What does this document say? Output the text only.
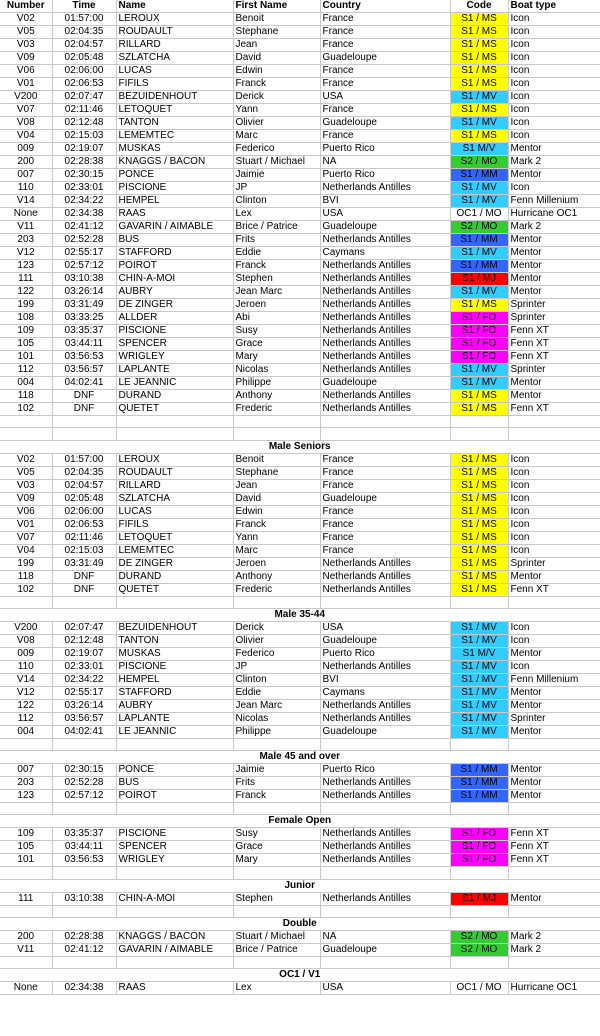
Number	Time	Name	First Name	Country	Code	Boat type
V02	01:57:00	LEROUX	Benoit	France	S1 / MS	Icon
V05	02:04:35	ROUDAULT	Stephane	France	S1 / MS	Icon
V03	02:04:57	RILLARD	Jean	France	S1 / MS	Icon
V09	02:05:48	SZLATCHA	David	Guadeloupe	S1 / MS	Icon
V06	02:06:00	LUCAS	Edwin	France	S1 / MS	Icon
V01	02:06:53	FIFILS	Franck	France	S1 / MS	Icon
V200	02:07:47	BEZUIDENHOUT	Derick	USA	S1 / MV	Icon
V07	02:11:46	LETOQUET	Yann	France	S1 / MS	Icon
V08	02:12:48	TANTON	Olivier	Guadeloupe	S1 / MV	Icon
V04	02:15:03	LEMEMTEC	Marc	France	S1 / MS	Icon
009	02:19:07	MUSKAS	Federico	Puerto Rico	S1 M/V	Mentor
200	02:28:38	KNAGGS / BACON	Stuart / Michael	NA	S2 / MO	Mark 2
007	02:30:15	PONCE	Jaimie	Puerto Rico	S1 / MM	Mentor
110	02:33:01	PISCIONE	JP	Netherlands Antilles	S1 / MV	Icon
V14	02:34:22	HEMPEL	Clinton	BVI	S1 / MV	Fenn Millenium
None	02:34:38	RAAS	Lex	USA	OC1 / MO	Hurricane OC1
V11	02:41:12	GAVARIN / AIMABLE	Brice / Patrice	Guadeloupe	S2 / MO	Mark 2
203	02:52:28	BUS	Frits	Netherlands Antilles	S1 / MM	Mentor
V12	02:55:17	STAFFORD	Eddie	Caymans	S1 / MV	Mentor
123	02:57:12	POIROT	Franck	Netherlands Antilles	S1 / MM	Mentor
111	03:10:38	CHIN-A-MOI	Stephen	Netherlands Antilles	S1 / MJ	Mentor
122	03:26:14	AUBRY	Jean Marc	Netherlands Antilles	S1 / MV	Mentor
199	03:31:49	DE ZINGER	Jeroen	Netherlands Antilles	S1 / MS	Sprinter
108	03:33:25	ALLDER	Abi	Netherlands Antilles	S1 / FO	Sprinter
109	03:35:37	PISCIONE	Susy	Netherlands Antilles	S1 / FO	Fenn XT
105	03:44:11	SPENCER	Grace	Netherlands Antilles	S1 / FO	Fenn XT
101	03:56:53	WRIGLEY	Mary	Netherlands Antilles	S1 / FO	Fenn XT
112	03:56:57	LAPLANTE	Nicolas	Netherlands Antilles	S1 / MV	Sprinter
004	04:02:41	LE JEANNIC	Philippe	Guadeloupe	S1 / MV	Mentor
118	DNF	DURAND	Anthony	Netherlands Antilles	S1 / MS	Mentor
102	DNF	QUETET	Frederic	Netherlands Antilles	S1 / MS	Fenn XT

Male Seniors						
V02	01:57:00	LEROUX	Benoit	France	S1 / MS	Icon
V05	02:04:35	ROUDAULT	Stephane	France	S1 / MS	Icon
V03	02:04:57	RILLARD	Jean	France	S1 / MS	Icon
V09	02:05:48	SZLATCHA	David	Guadeloupe	S1 / MS	Icon
V06	02:06:00	LUCAS	Edwin	France	S1 / MS	Icon
V01	02:06:53	FIFILS	Franck	France	S1 / MS	Icon
V07	02:11:46	LETOQUET	Yann	France	S1 / MS	Icon
V04	02:15:03	LEMEMTEC	Marc	France	S1 / MS	Icon
199	03:31:49	DE ZINGER	Jeroen	Netherlands Antilles	S1 / MS	Sprinter
118	DNF	DURAND	Anthony	Netherlands Antilles	S1 / MS	Mentor
102	DNF	QUETET	Frederic	Netherlands Antilles	S1 / MS	Fenn XT

Male 35-44						
V200	02:07:47	BEZUIDENHOUT	Derick	USA	S1 / MV	Icon
V08	02:12:48	TANTON	Olivier	Guadeloupe	S1 / MV	Icon
009	02:19:07	MUSKAS	Federico	Puerto Rico	S1 M/V	Mentor
110	02:33:01	PISCIONE	JP	Netherlands Antilles	S1 / MV	Icon
V14	02:34:22	HEMPEL	Clinton	BVI	S1 / MV	Fenn Millenium
V12	02:55:17	STAFFORD	Eddie	Caymans	S1 / MV	Mentor
122	03:26:14	AUBRY	Jean Marc	Netherlands Antilles	S1 / MV	Mentor
112	03:56:57	LAPLANTE	Nicolas	Netherlands Antilles	S1 / MV	Sprinter
004	04:02:41	LE JEANNIC	Philippe	Guadeloupe	S1 / MV	Mentor

Male 45 and over						
007	02:30:15	PONCE	Jaimie	Puerto Rico	S1 / MM	Mentor
203	02:52:28	BUS	Frits	Netherlands Antilles	S1 / MM	Mentor
123	02:57:12	POIROT	Franck	Netherlands Antilles	S1 / MM	Mentor

Female Open						
109	03:35:37	PISCIONE	Susy	Netherlands Antilles	S1 / FO	Fenn XT
105	03:44:11	SPENCER	Grace	Netherlands Antilles	S1 / FO	Fenn XT
101	03:56:53	WRIGLEY	Mary	Netherlands Antilles	S1 / FO	Fenn XT

Junior						
111	03:10:38	CHIN-A-MOI	Stephen	Netherlands Antilles	S1 / MJ	Mentor

Double						
200	02:28:38	KNAGGS / BACON	Stuart / Michael	NA	S2 / MO	Mark 2
V11	02:41:12	GAVARIN / AIMABLE	Brice / Patrice	Guadeloupe	S2 / MO	Mark 2

OC1 / V1						
None	02:34:38	RAAS	Lex	USA	OC1 / MO	Hurricane OC1
